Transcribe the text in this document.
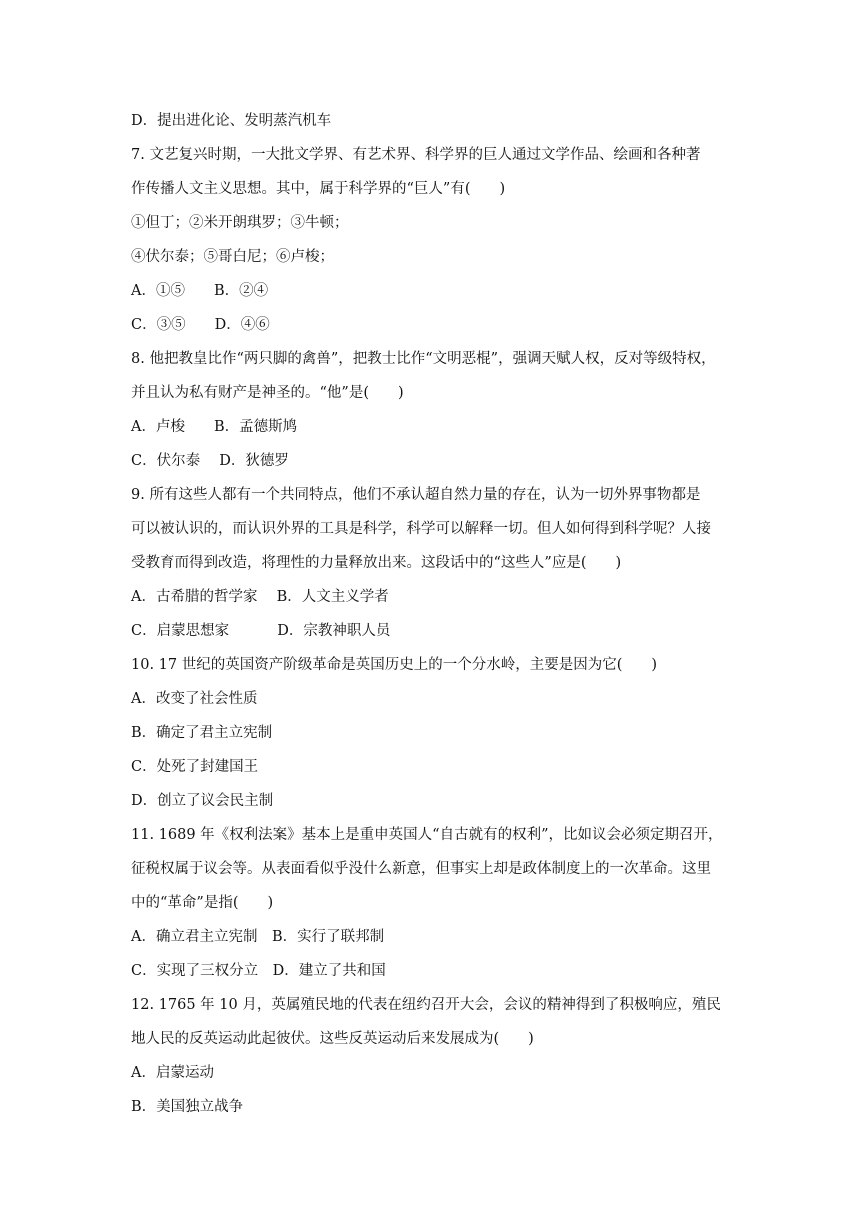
D．提出进化论、发明蒸汽机车
7. 文艺复兴时期，一大批文学界、有艺术界、科学界的巨人通过文学作品、绘画和各种著
作传播人文主义思想。其中，属于科学界的“巨人”有(　　)
①但丁；②米开朗琪罗；③牛顿；
④伏尔泰；⑤哥白尼；⑥卢梭；
A．①⑤　　B．②④
C．③⑤　　D．④⑥
8. 他把教皇比作“两只脚的禽兽”，把教士比作“文明恶棍”，强调天赋人权，反对等级特权，
并且认为私有财产是神圣的。“他”是(　　)
A．卢梭　　B．孟德斯鸠
C．伏尔泰　 D．狄德罗
9. 所有这些人都有一个共同特点，他们不承认超自然力量的存在，认为一切外界事物都是
可以被认识的，而认识外界的工具是科学，科学可以解释一切。但人如何得到科学呢？人接
受教育而得到改造，将理性的力量释放出来。这段话中的“这些人”应是(　　)
A．古希腊的哲学家　 B．人文主义学者
C．启蒙思想家　　　 D．宗教神职人员
10. 17 世纪的英国资产阶级革命是英国历史上的一个分水岭，主要是因为它(　　)
A．改变了社会性质
B．确定了君主立宪制
C．处死了封建国王
D．创立了议会民主制
11. 1689 年《权利法案》基本上是重申英国人“自古就有的权利”，比如议会必须定期召开，
征税权属于议会等。从表面看似乎没什么新意，但事实上却是政体制度上的一次革命。这里
中的“革命”是指(　　)
A．确立君主立宪制　B．实行了联邦制
C．实现了三权分立　D．建立了共和国
12. 1765 年 10 月，英属殖民地的代表在纽约召开大会，会议的精神得到了积极响应，殖民
地人民的反英运动此起彼伏。这些反英运动后来发展成为(　　)
A．启蒙运动
B．美国独立战争
